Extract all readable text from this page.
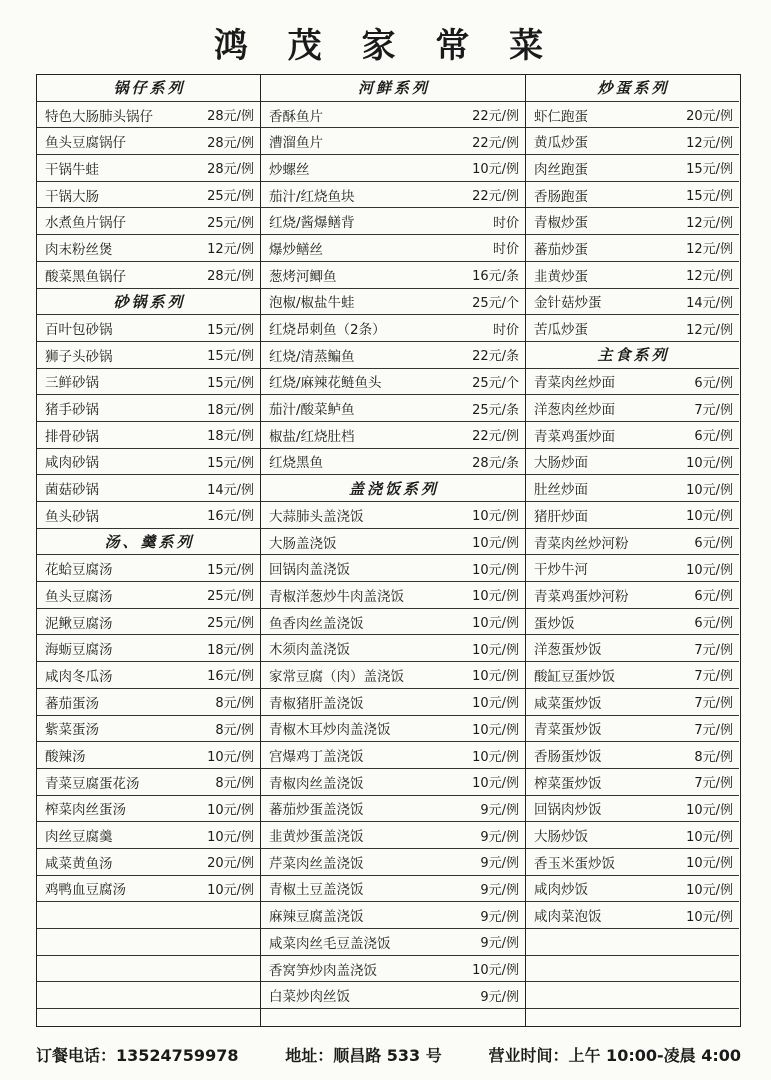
鸿 茂 家 常 菜
锅仔系列
特色大肠肺头锅仔	28元/例
鱼头豆腐锅仔	28元/例
干锅牛蛙	28元/例
干锅大肠	25元/例
水煮鱼片锅仔	25元/例
肉末粉丝煲	12元/例
酸菜黑鱼锅仔	28元/例
砂锅系列
百叶包砂锅	15元/例
狮子头砂锅	15元/例
三鲜砂锅	15元/例
猪手砂锅	18元/例
排骨砂锅	18元/例
咸肉砂锅	15元/例
菌菇砂锅	14元/例
鱼头砂锅	16元/例
汤、羹系列
花蛤豆腐汤	15元/例
鱼头豆腐汤	25元/例
泥鳅豆腐汤	25元/例
海蛎豆腐汤	18元/例
咸肉冬瓜汤	16元/例
蕃茄蛋汤	8元/例
紫菜蛋汤	8元/例
酸辣汤	10元/例
青菜豆腐蛋花汤	8元/例
榨菜肉丝蛋汤	10元/例
肉丝豆腐羹	10元/例
咸菜黄鱼汤	20元/例
鸡鸭血豆腐汤	10元/例
河鲜系列
香酥鱼片	22元/例
漕溜鱼片	22元/例
炒螺丝	10元/例
茄汁/红烧鱼块	22元/例
红烧/酱爆鳝背	时价
爆炒鳝丝	时价
葱烤河鲫鱼	16元/条
泡椒/椒盐牛蛙	25元/个
红烧昂刺鱼（2条）	时价
红烧/清蒸鳊鱼	22元/条
红烧/麻辣花鲢鱼头	25元/个
茄汁/酸菜鲈鱼	25元/条
椒盐/红烧肚档	22元/例
红烧黑鱼	28元/条
盖浇饭系列
大蒜肺头盖浇饭	10元/例
大肠盖浇饭	10元/例
回锅肉盖浇饭	10元/例
青椒洋葱炒牛肉盖浇饭	10元/例
鱼香肉丝盖浇饭	10元/例
木须肉盖浇饭	10元/例
家常豆腐（肉）盖浇饭	10元/例
青椒猪肝盖浇饭	10元/例
青椒木耳炒肉盖浇饭	10元/例
宫爆鸡丁盖浇饭	10元/例
青椒肉丝盖浇饭	10元/例
蕃茄炒蛋盖浇饭	9元/例
韭黄炒蛋盖浇饭	9元/例
芹菜肉丝盖浇饭	9元/例
青椒土豆盖浇饭	9元/例
麻辣豆腐盖浇饭	9元/例
咸菜肉丝毛豆盖浇饭	9元/例
香窝笋炒肉盖浇饭	10元/例
白菜炒肉丝饭	9元/例
炒蛋系列
虾仁跑蛋	20元/例
黄瓜炒蛋	12元/例
肉丝跑蛋	15元/例
香肠跑蛋	15元/例
青椒炒蛋	12元/例
蕃茄炒蛋	12元/例
韭黄炒蛋	12元/例
金针菇炒蛋	14元/例
苦瓜炒蛋	12元/例
主食系列
青菜肉丝炒面	6元/例
洋葱肉丝炒面	7元/例
青菜鸡蛋炒面	6元/例
大肠炒面	10元/例
肚丝炒面	10元/例
猪肝炒面	10元/例
青菜肉丝炒河粉	6元/例
干炒牛河	10元/例
青菜鸡蛋炒河粉	6元/例
蛋炒饭	6元/例
洋葱蛋炒饭	7元/例
酸缸豆蛋炒饭	7元/例
咸菜蛋炒饭	7元/例
青菜蛋炒饭	7元/例
香肠蛋炒饭	8元/例
榨菜蛋炒饭	7元/例
回锅肉炒饭	10元/例
大肠炒饭	10元/例
香玉米蛋炒饭	10元/例
咸肉炒饭	10元/例
咸肉菜泡饭	10元/例
订餐电话：13524759978	地址：顺昌路 533 号	营业时间：上午 10:00-凌晨 4:00
